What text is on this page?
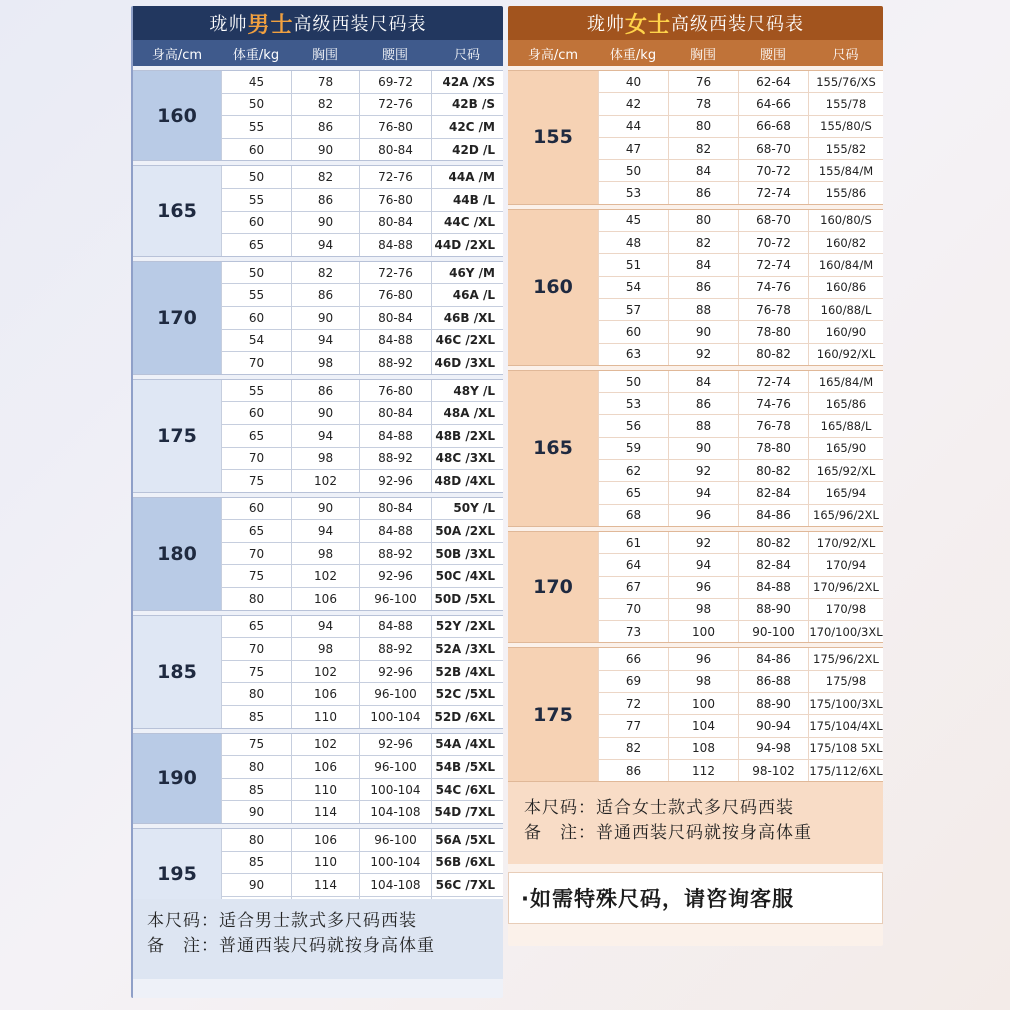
珑帅 男士 高级西装尺码表
身高/cm	体重/kg	胸围	腰围	尺码
160
45	78	69-72	42A /XS
50	82	72-76	42B /S
55	86	76-80	42C /M
60	90	80-84	42D /L
165
50	82	72-76	44A /M
55	86	76-80	44B /L
60	90	80-84	44C /XL
65	94	84-88	44D /2XL
170
50	82	72-76	46Y /M
55	86	76-80	46A /L
60	90	80-84	46B /XL
54	94	84-88	46C /2XL
70	98	88-92	46D /3XL
175
55	86	76-80	48Y /L
60	90	80-84	48A /XL
65	94	84-88	48B /2XL
70	98	88-92	48C /3XL
75	102	92-96	48D /4XL
180
60	90	80-84	50Y /L
65	94	84-88	50A /2XL
70	98	88-92	50B /3XL
75	102	92-96	50C /4XL
80	106	96-100	50D /5XL
185
65	94	84-88	52Y /2XL
70	98	88-92	52A /3XL
75	102	92-96	52B /4XL
80	106	96-100	52C /5XL
85	110	100-104	52D /6XL
190
75	102	92-96	54A /4XL
80	106	96-100	54B /5XL
85	110	100-104	54C /6XL
90	114	104-108	54D /7XL
195
80	106	96-100	56A /5XL
85	110	100-104	56B /6XL
90	114	104-108	56C /7XL
本尺码：适合男士款式多尺码西装
备　注：普通西装尺码就按身高体重
珑帅 女士 高级西装尺码表
身高/cm	体重/kg	胸围	腰围	尺码
155
40	76	62-64	155/76/XS
42	78	64-66	155/78
44	80	66-68	155/80/S
47	82	68-70	155/82
50	84	70-72	155/84/M
53	86	72-74	155/86
160
45	80	68-70	160/80/S
48	82	70-72	160/82
51	84	72-74	160/84/M
54	86	74-76	160/86
57	88	76-78	160/88/L
60	90	78-80	160/90
63	92	80-82	160/92/XL
165
50	84	72-74	165/84/M
53	86	74-76	165/86
56	88	76-78	165/88/L
59	90	78-80	165/90
62	92	80-82	165/92/XL
65	94	82-84	165/94
68	96	84-86	165/96/2XL
170
61	92	80-82	170/92/XL
64	94	82-84	170/94
67	96	84-88	170/96/2XL
70	98	88-90	170/98
73	100	90-100	170/100/3XL
175
66	96	84-86	175/96/2XL
69	98	86-88	175/98
72	100	88-90	175/100/3XL
77	104	90-94	175/104/4XL
82	108	94-98	175/108 5XL
86	112	98-102	175/112/6XL
本尺码：适合女士款式多尺码西装
备　注：普通西装尺码就按身高体重
·如需特殊尺码，请咨询客服
